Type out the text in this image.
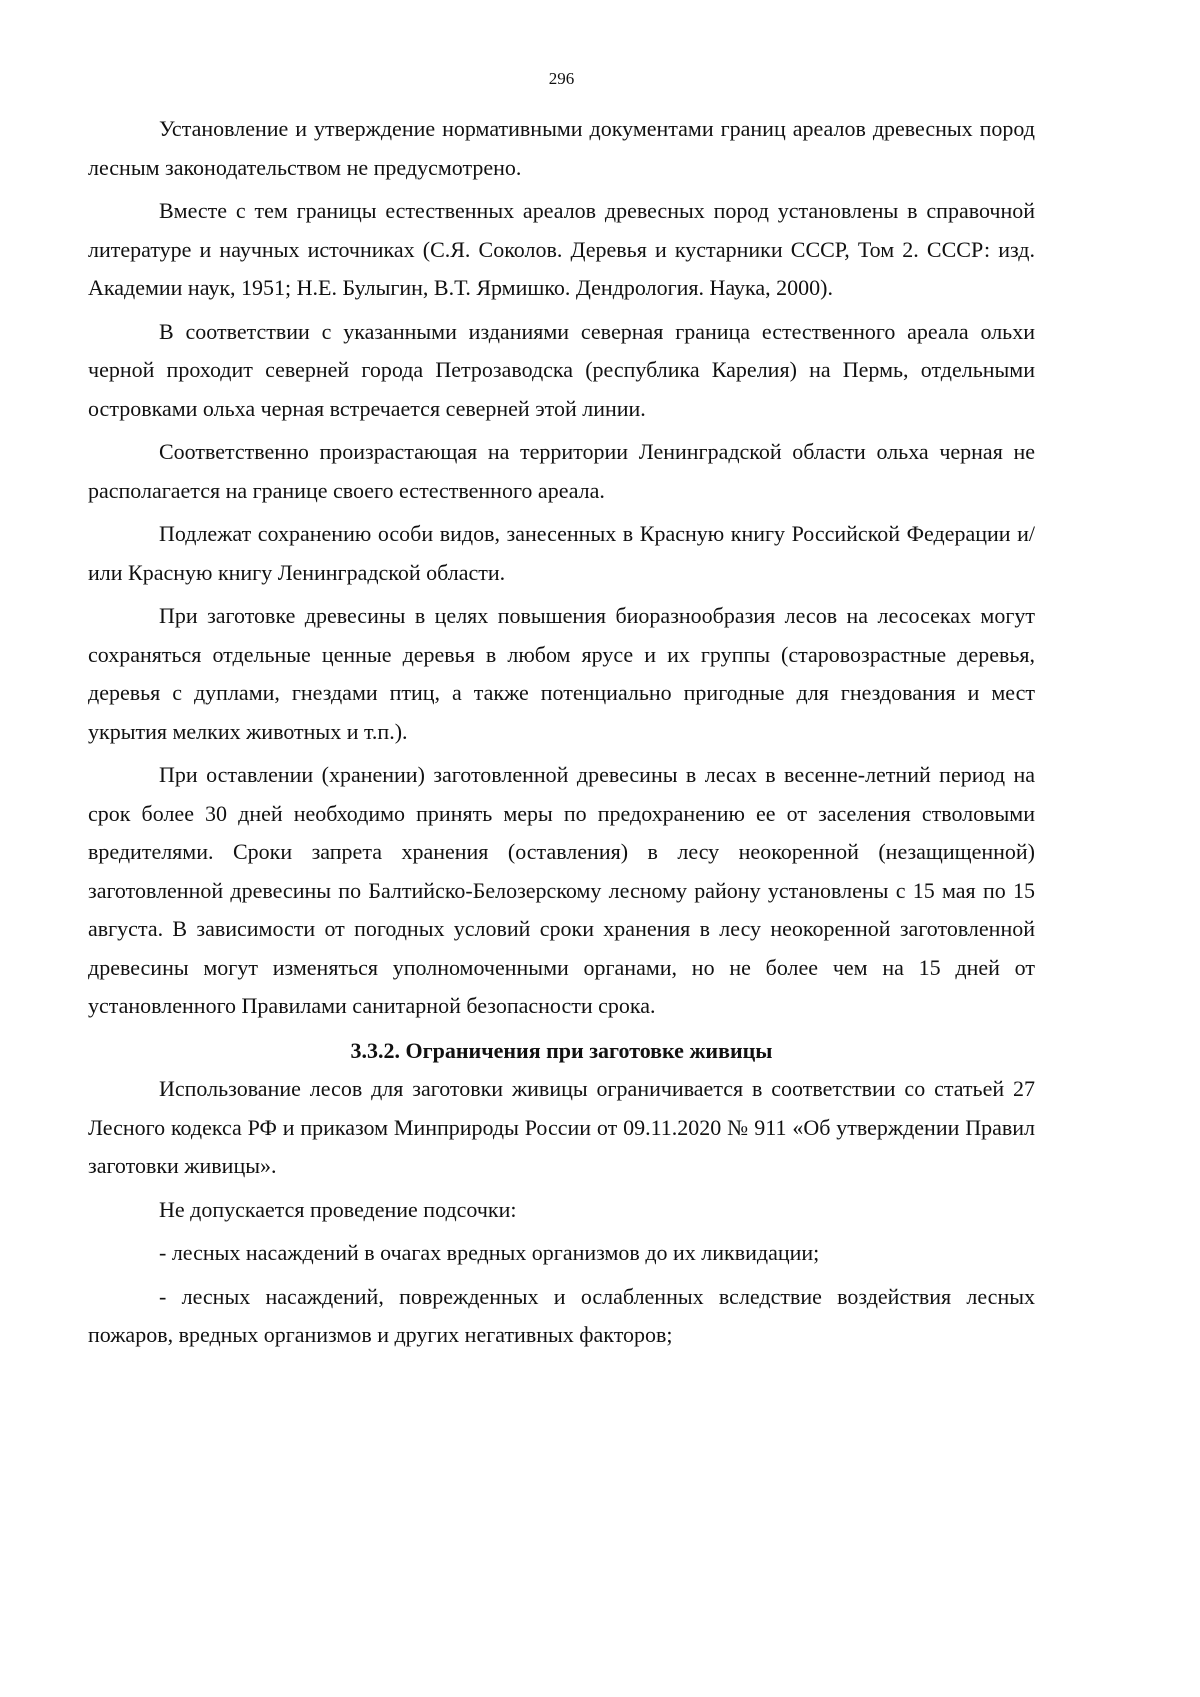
296

Установление и утверждение нормативными документами границ ареалов древесных пород лесным законодательством не предусмотрено.

Вместе с тем границы естественных ареалов древесных пород установлены в справочной литературе и научных источниках (С.Я. Соколов. Деревья и кустарники СССР, Том 2. СССР: изд. Академии наук, 1951; Н.Е. Булыгин, В.Т. Ярмишко. Дендрология. Наука, 2000).

В соответствии с указанными изданиями северная граница естественного ареала ольхи черной проходит северней города Петрозаводска (республика Карелия) на Пермь, отдельными островками ольха черная встречается северней этой линии.

Соответственно произрастающая на территории Ленинградской области ольха черная не располагается на границе своего естественного ареала.

Подлежат сохранению особи видов, занесенных в Красную книгу Российской Федерации и/или Красную книгу Ленинградской области.

При заготовке древесины в целях повышения биоразнообразия лесов на лесосеках могут сохраняться отдельные ценные деревья в любом ярусе и их группы (старовозрастные деревья, деревья с дуплами, гнездами птиц, а также потенциально пригодные для гнездования и мест укрытия мелких животных и т.п.).

При оставлении (хранении) заготовленной древесины в лесах в весенне-летний период на срок более 30 дней необходимо принять меры по предохранению ее от заселения стволовыми вредителями. Сроки запрета хранения (оставления) в лесу неокоренной (незащищенной) заготовленной древесины по Балтийско-Белозерскому лесному району установлены с 15 мая по 15 августа. В зависимости от погодных условий сроки хранения в лесу неокоренной заготовленной древесины могут изменяться уполномоченными органами, но не более чем на 15 дней от установленного Правилами санитарной безопасности срока.

3.3.2. Ограничения при заготовке живицы

Использование лесов для заготовки живицы ограничивается в соответствии со статьей 27 Лесного кодекса РФ и приказом Минприроды России от 09.11.2020 № 911 «Об утверждении Правил заготовки живицы».

Не допускается проведение подсочки:

- лесных насаждений в очагах вредных организмов до их ликвидации;

- лесных насаждений, поврежденных и ослабленных вследствие воздействия лесных пожаров, вредных организмов и других негативных факторов;
